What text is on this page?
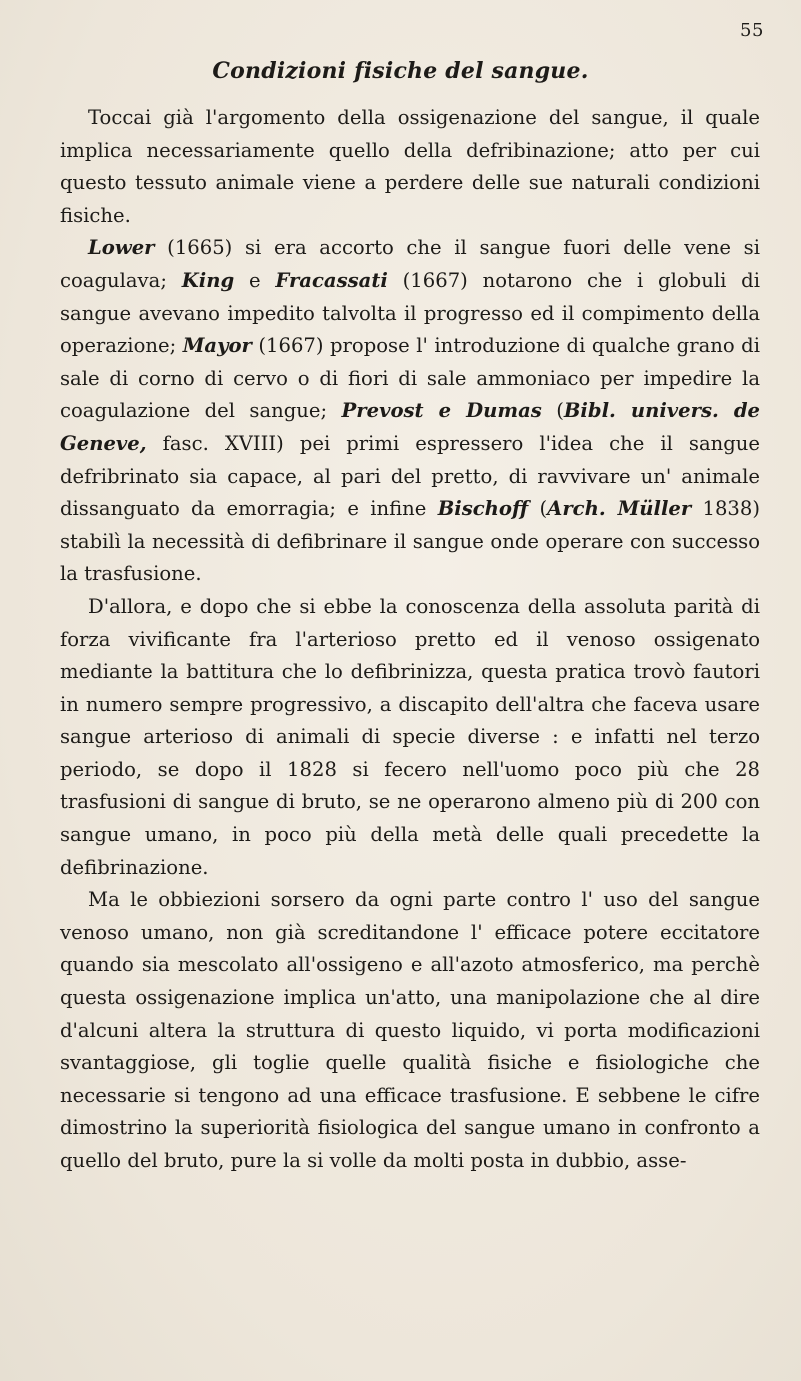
55
Condizioni fisiche del sangue.

Toccai già l'argomento della ossigenazione del sangue, il quale implica necessariamente quello della defribinazione; atto per cui questo tessuto animale viene a perdere delle sue naturali condizioni fisiche.

Lower (1665) si era accorto che il sangue fuori delle vene si coagulava; King e Fracassati (1667) notarono che i globuli di sangue avevano impedito talvolta il progresso ed il compimento della operazione; Mayor (1667) propose l' introduzione di qualche grano di sale di corno di cervo o di fiori di sale ammoniaco per impedire la coagulazione del sangue; Prevost e Dumas (Bibl. univers. de Geneve, fasc. XVIII) pei primi espressero l'idea che il sangue defribrinato sia capace, al pari del pretto, di ravvivare un' animale dissanguato da emorragia; e infine Bischoff (Arch. Müller 1838) stabilì la necessità di defibrinare il sangue onde operare con successo la trasfusione.

D'allora, e dopo che si ebbe la conoscenza della assoluta parità di forza vivificante fra l'arterioso pretto ed il venoso ossigenato mediante la battitura che lo defibrinizza, questa pratica trovò fautori in numero sempre progressivo, a discapito dell'altra che faceva usare sangue arterioso di animali di specie diverse : e infatti nel terzo periodo, se dopo il 1828 si fecero nell'uomo poco più che 28 trasfusioni di sangue di bruto, se ne operarono almeno più di 200 con sangue umano, in poco più della metà delle quali precedette la defibrinazione.

Ma le obbiezioni sorsero da ogni parte contro l' uso del sangue venoso umano, non già screditandone l' efficace potere eccitatore quando sia mescolato all'ossigeno e all'azoto atmosferico, ma perchè questa ossigenazione implica un'atto, una manipolazione che al dire d'alcuni altera la struttura di questo liquido, vi porta modificazioni svantaggiose, gli toglie quelle qualità fisiche e fisiologiche che necessarie si tengono ad una efficace trasfusione. E sebbene le cifre dimostrino la superiorità fisiologica del sangue umano in confronto a quello del bruto, pure la si volle da molti posta in dubbio, asse-
